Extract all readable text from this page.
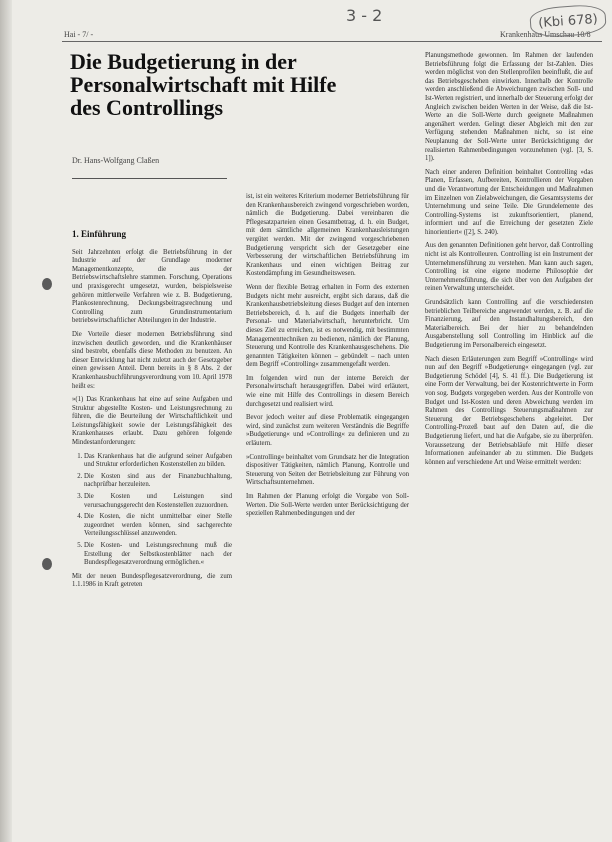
Hai - 7/ -	Krankenhaus Umschau 10/8
3 - 2	(Kbi 678)
Die Budgetierung in der Personalwirtschaft mit Hilfe des Controllings
Dr. Hans-Wolfgang Claßen
1. Einführung

Seit Jahrzehnten erfolgt die Betriebsführung in der Industrie auf der Grundlage moderner Managementkonzepte, die aus der Betriebswirtschaftslehre stammen. Forschung, Operations und praxisgerecht umgesetzt, wurden, beispielsweise gehören mittlerweile Verfahren wie z. B. Budgetierung, Plankostenrechnung, Deckungsbeitragsrechnung und Controlling zum Grundinstrumentarium betriebswirtschaftlicher Abteilungen in der Industrie.

Die Vorteile dieser modernen Betriebsführung sind inzwischen deutlich geworden, und die Krankenhäuser sind bestrebt, ebenfalls diese Methoden zu benutzen. An dieser Entwicklung hat nicht zuletzt auch der Gesetzgeber einen gewissen Anteil. Denn bereits in § 8 Abs. 2 der Krankenhausbuchführungsverordnung vom 10. April 1978 heißt es:

»(1) Das Krankenhaus hat eine auf seine Aufgaben und Struktur abgestellte Kosten- und Leistungsrechnung zu führen, die die Beurteilung der Wirtschaftlichkeit und Leistungsfähigkeit sowie der Leistungsfähigkeit des Krankenhauses erlaubt. Dazu gehören folgende Mindestanforderungen:

1. Das Krankenhaus hat die aufgrund seiner Aufgaben und Struktur erforderlichen Kostenstellen zu bilden.
2. Die Kosten sind aus der Finanzbuchhaltung, nachprüfbar herzuleiten.
3. Die Kosten und Leistungen sind verursachungsgerecht den Kostenstellen zuzuordnen.
4. Die Kosten, die nicht unmittelbar einer Stelle zugeordnet werden können, sind sachgerechte Verteilungsschlüssel anzuwenden.
5. Die Kosten- und Leistungsrechnung muß die Erstellung der Selbstkostenblätter nach der Bundespflegesatzverordnung ermöglichen.«

Mit der neuen Bundespflegesatzverordnung, die zum 1.1.1986 in Kraft getreten

ist, ist ein weiteres Kriterium moderner Betriebsführung für den Krankenhausbereich zwingend vorgeschrieben worden, nämlich die Budgetierung. Dabei vereinbaren die Pflegesatzparteien einen Gesamtbetrag, d. h. ein Budget, mit dem sämtliche allgemeinen Krankenhausleistungen vergütet werden. Mit der zwingend vorgeschriebenen Budgetierung verspricht sich der Gesetzgeber eine Verbesserung der wirtschaftlichen Betriebsführung im Krankenhaus und einen wichtigen Beitrag zur Kostendämpfung im Gesundheitswesen.

Wenn der flexible Betrag erhalten in Form des externen Budgets nicht mehr ausreicht, ergibt sich daraus, daß die Krankenhausbetriebsleitung dieses Budget auf den internen Betriebsbereich, d. h. auf die Budgets innerhalb der Personal- und Materialwirtschaft, herunterbricht. Um dieses Ziel zu erreichen, ist es notwendig, mit bestimmten Managementtechniken zu bedienen, nämlich der Planung, Steuerung und Kontrolle des Krankenhausgeschehens. Die genannten Tätigkeiten können – gebündelt – nach unten dem Begriff »Controlling« zusammengefaßt werden.

Im folgenden wird nun der interne Bereich der Personalwirtschaft herausgegriffen. Dabei wird erläutert, wie eine mit Hilfe des Controllings in diesem Bereich durchgesetzt und realisiert wird.

Bevor jedoch weiter auf diese Problematik eingegangen wird, sind zunächst zum weiteren Verständnis die Begriffe »Budgetierung« und »Controlling« zu definieren und zu erläutern.

»Controlling« beinhaltet vom Grundsatz her die Integration dispositiver Tätigkeiten, nämlich Planung, Kontrolle und Steuerung von Seiten der Betriebsleitung zur Führung von Wirtschaftsunternehmen.

Im Rahmen der Planung erfolgt die Vorgabe von Soll-Werten. Die Soll-Werte werden unter Berücksichtigung der speziellen Rahmenbedingungen und der

Planungsmethode gewonnen. Im Rahmen der laufenden Betriebsführung folgt die Erfassung der Ist-Zahlen. Dies werden möglichst von den Stellenprofilen beeinflußt, die auf das Betriebsgeschehen einwirken. Innerhalb der Kontrolle werden anschließend die Abweichungen zwischen Soll- und Ist-Werten registriert, und innerhalb der Steuerung erfolgt der Angleich zwischen beiden Werten in der Weise, daß die Ist-Werte an die Soll-Werte durch geeignete Maßnahmen angenähert werden. Gelingt dieser Abgleich mit den zur Verfügung stehenden Maßnahmen nicht, so ist eine Neuplanung der Soll-Werte unter Berücksichtigung der realisierten Rahmenbedingungen vorzunehmen (vgl. [3, S. 1]).

Nach einer anderen Definition beinhaltet Controlling »das Planen, Erfassen, Aufbereiten, Kontrollieren der Vorgaben und die Verantwortung der Entscheidungen und Maßnahmen im Einzelnen von Zielabweichungen, die Gesamtsystems der Unternehmung und seine Teile. Die Grundelemente des Controlling-Systems ist zukunftsorientiert, planend, informiert und auf die Erreichung der gesetzten Ziele hinorientiert« ([2], S. 240).

Aus den genannten Definitionen geht hervor, daß Controlling nicht ist als Kontrolleuren. Controlling ist ein Instrument der Unternehmensführung zu verstehen. Man kann auch sagen, Controlling ist eine eigene moderne Philosophie der Unternehmensführung, die sich über von den Aufgaben der reinen Verwaltung unterscheidet.

Grundsätzlich kann Controlling auf die verschiedensten betrieblichen Teilbereiche angewendet werden, z. B. auf die Finanzierung, auf den Instandhaltungsbereich, den Materialbereich. Bei der hier zu behandelnden Ausgabenstellung soll Controlling im Hinblick auf die Budgetierung im Personalbereich eingesetzt.

Nach diesen Erläuterungen zum Begriff »Controlling« wird nun auf den Begriff »Budgetierung« eingegangen (vgl. zur Budgetierung Schödel [4], S. 41 ff.). Die Budgetierung ist eine Form der Verwaltung, bei der Kostenrichtwerte in Form von sog. Budgets vorgegeben werden. Aus der Kontrolle von Budget und Ist-Kosten und deren Abweichung werden im Rahmen des Controllings Steuerungsmaßnahmen zur Steuerung der Betriebsgeschehens abgeleitet. Der Controlling-Prozeß baut auf den Daten auf, die die Budgetierung liefert, und hat die Aufgabe, sie zu überprüfen. Voraussetzung der Betriebsabläufe mit Hilfe dieser Informationen aufeinander ab zu stimmen. Die Budgets können auf verschiedene Art und Weise ermittelt werden:
